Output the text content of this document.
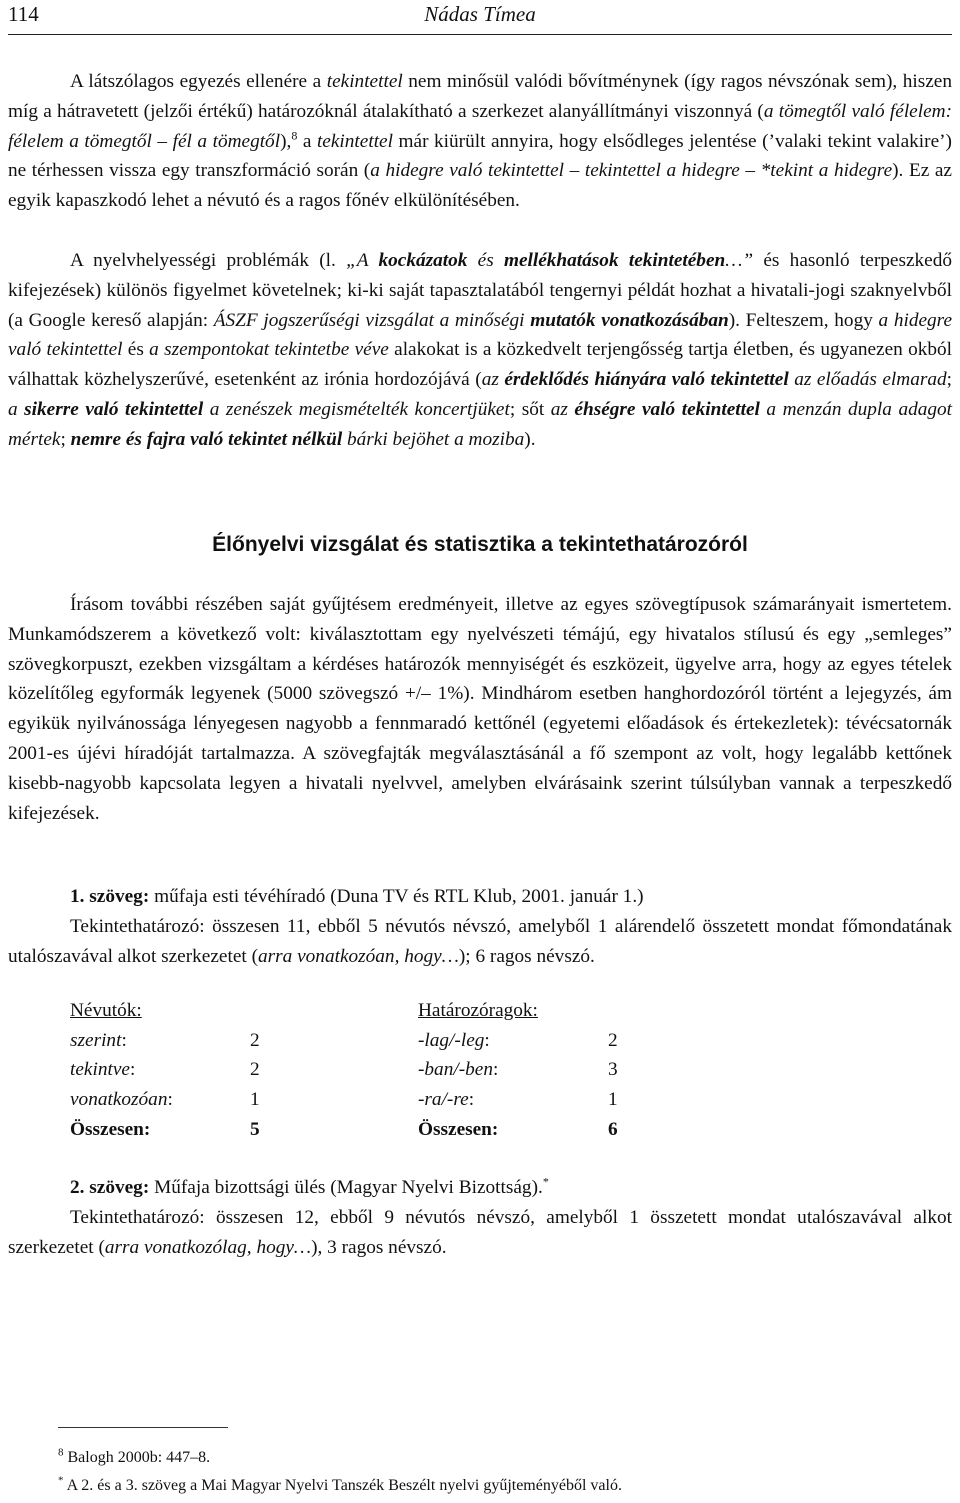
114	Nádas Tímea

A látszólagos egyezés ellenére a tekintettel nem minősül valódi bővítménynek (így ragos névszónak sem), hiszen míg a hátravetett (jelzői értékű) határozóknál átalakítható a szerkezet alanyállítmányi viszonnyá (a tömegtől való félelem: félelem a tömegtől – fél a tömegtől),$^8$ a tekintettel már kiürült annyira, hogy elsődleges jelentése (’valaki tekint valakire’) ne térhessen vissza egy transzformáció során (a hidegre való tekintettel – tekintettel a hidegre – *tekint a hidegre). Ez az egyik kapaszkodó lehet a névutó és a ragos főnév elkülönítésében.

A nyelvhelyességi problémák (l. „A kockázatok és mellékhatások tekintetében…” és hasonló terpeszkedő kifejezések) különös figyelmet követelnek; ki-ki saját tapasztalatából tengernyi példát hozhat a hivatali-jogi szaknyelvből (a Google kereső alapján: ÁSZF jogszerűségi vizsgálat a minőségi mutatók vonatkozásában). Felteszem, hogy a hidegre való tekintettel és a szempontokat tekintetbe véve alakokat is a közkedvelt terjengősség tartja életben, és ugyanezen okból válhattak közhelyszerűvé, esetenként az irónia hordozójává (az érdeklődés hiányára való tekintettel az előadás elmarad; a sikerre való tekintettel a zenészek megismételték koncertjüket; sőt az éhségre való tekintettel a menzán dupla adagot mértek; nemre és fajra való tekintet nélkül bárki bejöhet a moziba).

Élőnyelvi vizsgálat és statisztika a tekintethatározóról

Írásom további részében saját gyűjtésem eredményeit, illetve az egyes szövegtípusok számarányait ismertetem. Munkamódszerem a következő volt: kiválasztottam egy nyelvészeti témájú, egy hivatalos stílusú és egy „semleges” szövegkorpuszt, ezekben vizsgáltam a kérdéses határozók mennyiségét és eszközeit, ügyelve arra, hogy az egyes tételek közelítőleg egyformák legyenek (5000 szövegszó +/– 1%). Mindhárom esetben hanghordozóról történt a lejegyzés, ám egyikük nyilvánossága lényegesen nagyobb a fennmaradó kettőnél (egyetemi előadások és értekezletek): tévécsatornák 2001-es újévi híradóját tartalmazza. A szövegfajták megválasztásánál a fő szempont az volt, hogy legalább kettőnek kisebb-nagyobb kapcsolata legyen a hivatali nyelvvel, amelyben elvárásaink szerint túlsúlyban vannak a terpeszkedő kifejezések.

1. szöveg: műfaja esti tévéhíradó (Duna TV és RTL Klub, 2001. január 1.)

Tekintethatározó: összesen 11, ebből 5 névutós névszó, amelyből 1 alárendelő összetett mondat főmondatának utalószavával alkot szerkezetet (arra vonatkozóan, hogy…); 6 ragos névszó.

Névutók:		Határozóragok:	
szerint:	2	-lag/-leg:	2
tekintve:	2	-ban/-ben:	3
vonatkozóan:	1	-ra/-re:	1
Összesen:	5	Összesen:	6

2. szöveg: Műfaja bizottsági ülés (Magyar Nyelvi Bizottság).*

Tekintethatározó: összesen 12, ebből 9 névutós névszó, amelyből 1 összetett mondat utalószavával alkot szerkezetet (arra vonatkozólag, hogy…), 3 ragos névszó.

$^8$ Balogh 2000b: 447–8.
* A 2. és a 3. szöveg a Mai Magyar Nyelvi Tanszék Beszélt nyelvi gyűjteményéből való.
